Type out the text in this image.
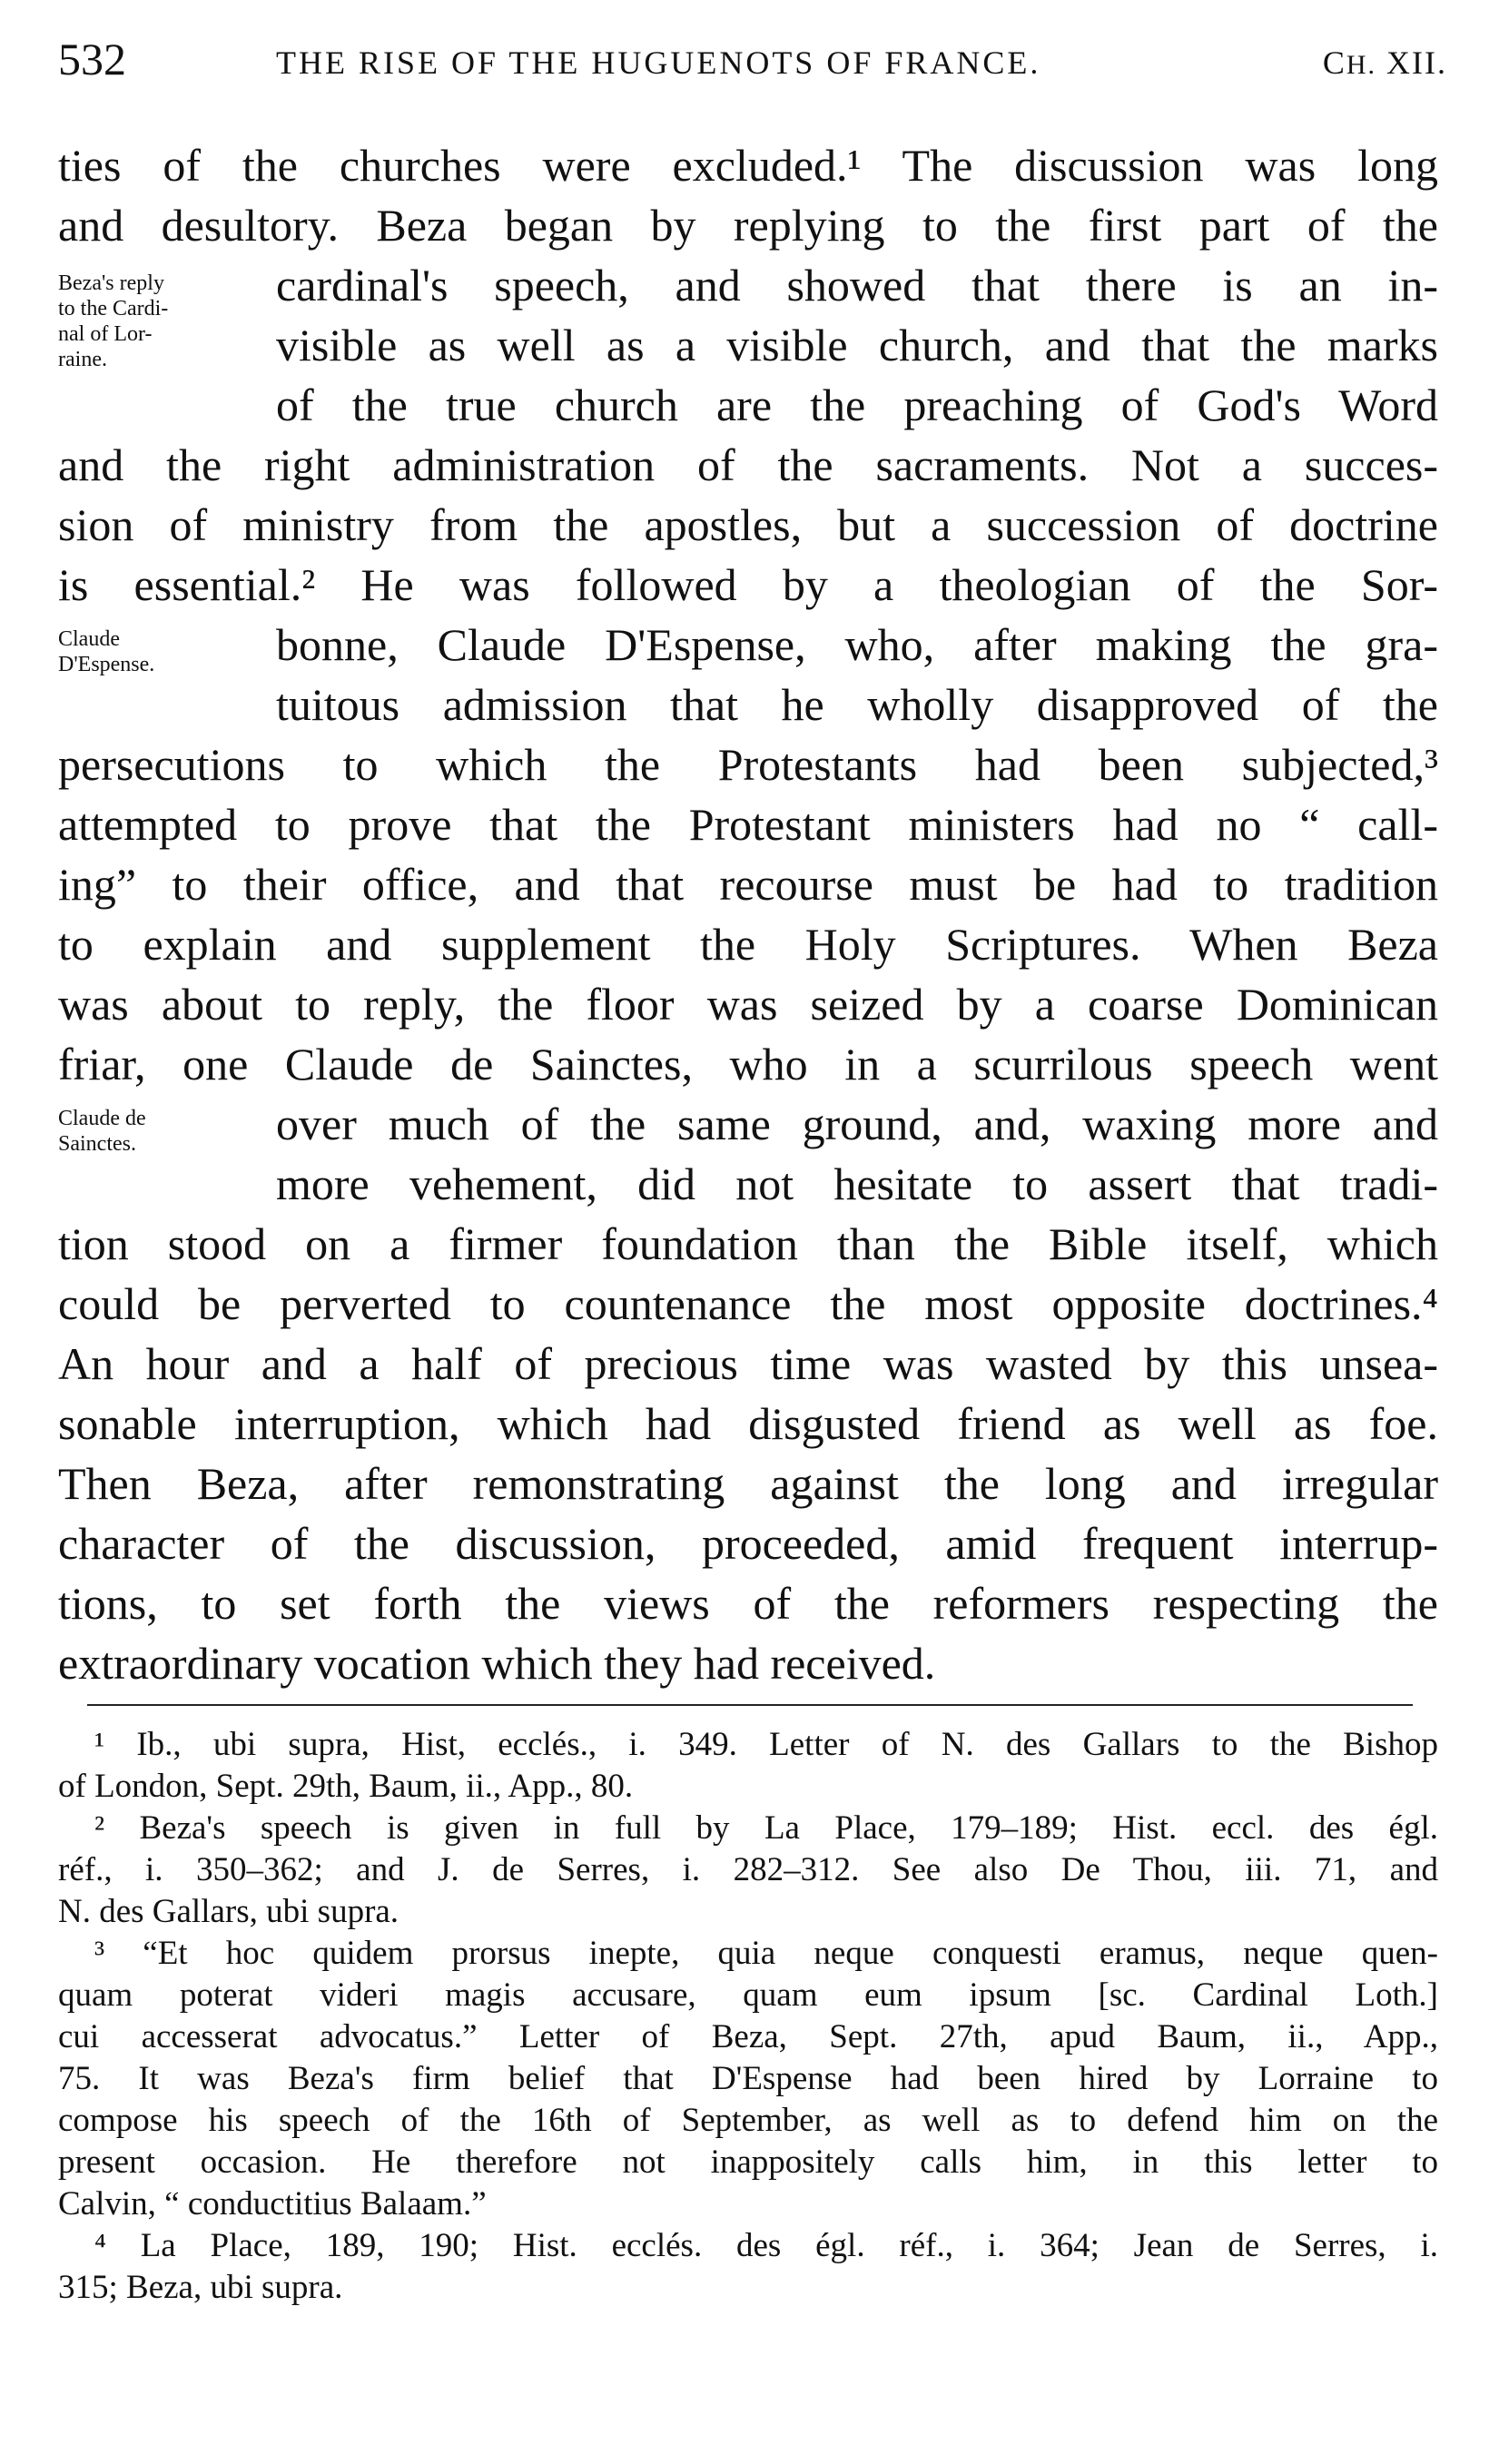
532	THE RISE OF THE HUGUENOTS OF FRANCE.	CH. XII.
Beza's reply
to the Cardi-
nal of Lor-
raine.
Claude
D'Espense.
Claude de
Sainctes.
ties of the churches were excluded.¹ The discussion was long
and desultory. Beza began by replying to the first part of the
cardinal's speech, and showed that there is an in-
visible as well as a visible church, and that the marks
of the true church are the preaching of God's Word
and the right administration of the sacraments. Not a succes-
sion of ministry from the apostles, but a succession of doctrine
is essential.² He was followed by a theologian of the Sor-
bonne, Claude D'Espense, who, after making the gra-
tuitous admission that he wholly disapproved of the
persecutions to which the Protestants had been subjected,³
attempted to prove that the Protestant ministers had no “ call-
ing” to their office, and that recourse must be had to tradition
to explain and supplement the Holy Scriptures. When Beza
was about to reply, the floor was seized by a coarse Dominican
friar, one Claude de Sainctes, who in a scurrilous speech went
over much of the same ground, and, waxing more and
more vehement, did not hesitate to assert that tradi-
tion stood on a firmer foundation than the Bible itself, which
could be perverted to countenance the most opposite doctrines.⁴
An hour and a half of precious time was wasted by this unsea-
sonable interruption, which had disgusted friend as well as foe.
Then Beza, after remonstrating against the long and irregular
character of the discussion, proceeded, amid frequent interrup-
tions, to set forth the views of the reformers respecting the
extraordinary vocation which they had received.
¹ Ib., ubi supra, Hist, ecclés., i. 349. Letter of N. des Gallars to the Bishop
of London, Sept. 29th, Baum, ii., App., 80.
² Beza's speech is given in full by La Place, 179–189; Hist. eccl. des égl.
réf., i. 350–362; and J. de Serres, i. 282–312. See also De Thou, iii. 71, and
N. des Gallars, ubi supra.
³ “Et hoc quidem prorsus inepte, quia neque conquesti eramus, neque quen-
quam poterat videri magis accusare, quam eum ipsum [sc. Cardinal Loth.]
cui accesserat advocatus.” Letter of Beza, Sept. 27th, apud Baum, ii., App.,
75. It was Beza's firm belief that D'Espense had been hired by Lorraine to
compose his speech of the 16th of September, as well as to defend him on the
present occasion. He therefore not inappositely calls him, in this letter to
Calvin, “ conductitius Balaam.”
⁴ La Place, 189, 190; Hist. ecclés. des égl. réf., i. 364; Jean de Serres, i.
315; Beza, ubi supra.
